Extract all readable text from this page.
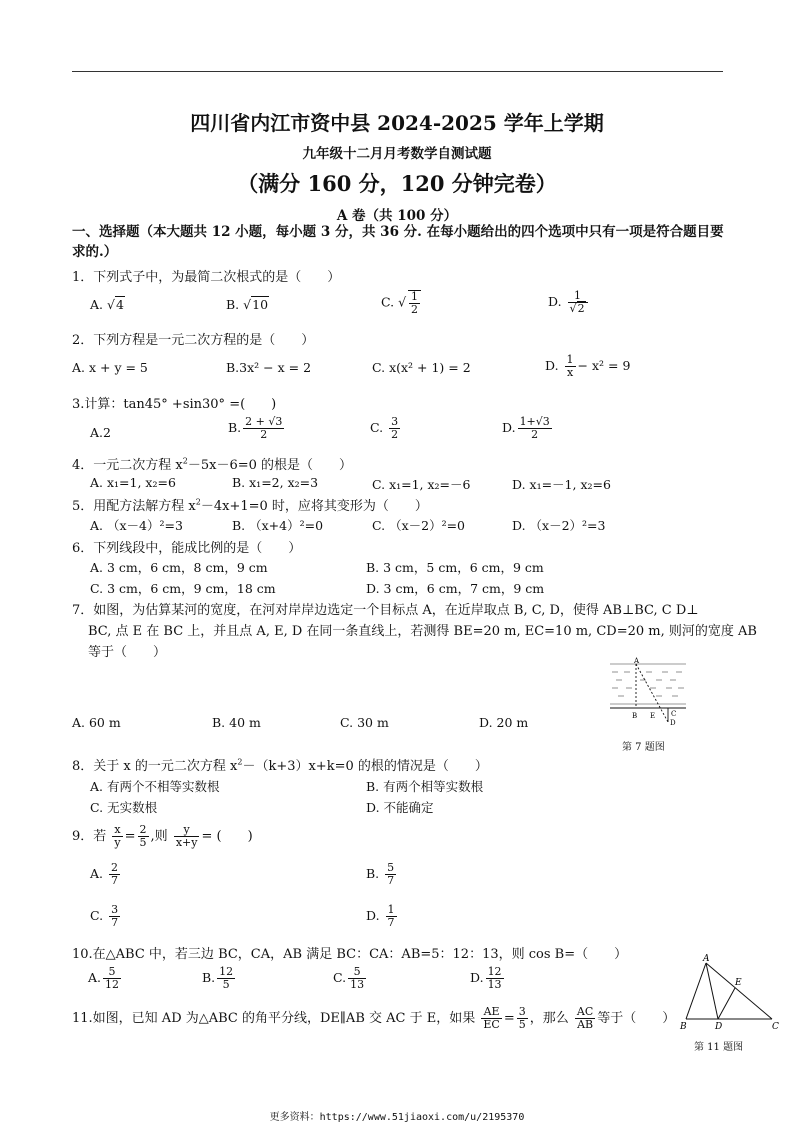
四川省内江市资中县 2024-2025 学年上学期
九年级十二月月考数学自测试题
（满分 160 分，120 分钟完卷）
A 卷（共 100 分）
一、选择题（本大题共 12 小题，每小题 3 分，共 36 分. 在每小题给出的四个选项中只有一项是符合题目要求的.）
1．下列式子中，为最简二次根式的是（　　）
A. √4	B. √10	C. √ $\frac{1}{2}$	D. $\frac{1}{√2}$
2．下列方程是一元二次方程的是（　　）
A. x + y = 5	B.3x² − x = 2	C. x(x² + 1) = 2	D. $\frac{1}{x} - x^2 = 9$
3.计算：tan45° +sin30° =(　　)
A.2	B. $\frac{2 + √3}{2}$	C. $\frac{3}{2}$	D. $\frac{1+√3}{2}$
4．一元二次方程 $x^2-5x-6=0$ 的根是（　　）
A. x₁=1, x₂=6	B. x₁=2, x₂=3	C. x₁=1, x₂=－6	D. x₁=－1, x₂=6
5．用配方法解方程 $x^2-4x+1=0$ 时，应将其变形为（　　）
A. （x－4）²=3	B. （x+4）²=0	C. （x－2）²=0	D. （x－2）²=3
6．下列线段中，能成比例的是（　　）
A. 3 cm，6 cm，8 cm，9 cm	B. 3 cm，5 cm，6 cm，9 cm
C. 3 cm，6 cm，9 cm，18 cm	D. 3 cm，6 cm，7 cm，9 cm
7．如图，为估算某河的宽度，在河对岸岸边选定一个目标点 A，在近岸取点 B, C, D，使得 AB⊥BC, C D⊥
BC, 点 E 在 BC 上，并且点 A, E, D 在同一条直线上，若测得 BE=20 m, EC=10 m, CD=20 m, 则河的宽度 AB
等于（　　）
A
B E C
D
第 7 题图
A. 60 m	B. 40 m	C. 30 m	D. 20 m
8．关于 x 的一元二次方程 $x^2-(k+3)x+k=0$ 的根的情况是（　　）
A. 有两个不相等实数根	B. 有两个相等实数根
C. 无实数根	D. 不能确定
9．若 $\frac{x}{y} = \frac{2}{5}$ ,则 $\frac{y}{x+y}$ = (　　)
A. $\frac{2}{7}$	B. $\frac{5}{7}$
C. $\frac{3}{7}$	D. $\frac{1}{7}$
10.在△ABC 中，若三边 BC，CA，AB 满足 BC：CA：AB=5：12：13，则 cos B=（　　）
A. $\frac{5}{12}$	B. $\frac{12}{5}$	C. $\frac{5}{13}$	D. $\frac{12}{13}$
11.如图，已知 AD 为△ABC 的角平分线，DE∥AB 交 AC 于 E，如果 $\frac{AE}{EC} = \frac{3}{5}$ ，那么 $\frac{AC}{AB}$ 等于（　　）
A
E
B	D	C
第 11 题图
更多资料：https://www.51jiaoxi.com/u/2195370
